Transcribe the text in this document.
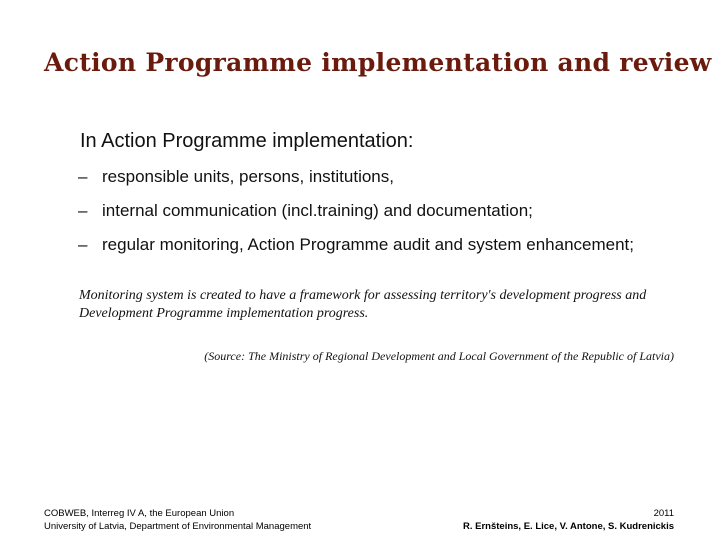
Action Programme implementation and review
In Action Programme implementation:
– responsible units, persons, institutions,
– internal communication (incl.training) and documentation;
– regular monitoring, Action Programme audit and system enhancement;
Monitoring system is created to have a framework for assessing territory's development progress and Development Programme implementation progress.
(Source: The Ministry of Regional Development and Local Government of the Republic of Latvia)
COBWEB, Interreg IV A, the European Union
University of Latvia, Department of Environmental Management
2011
R. Ernšteins, E. Lice, V. Antone, S. Kudrenickis
